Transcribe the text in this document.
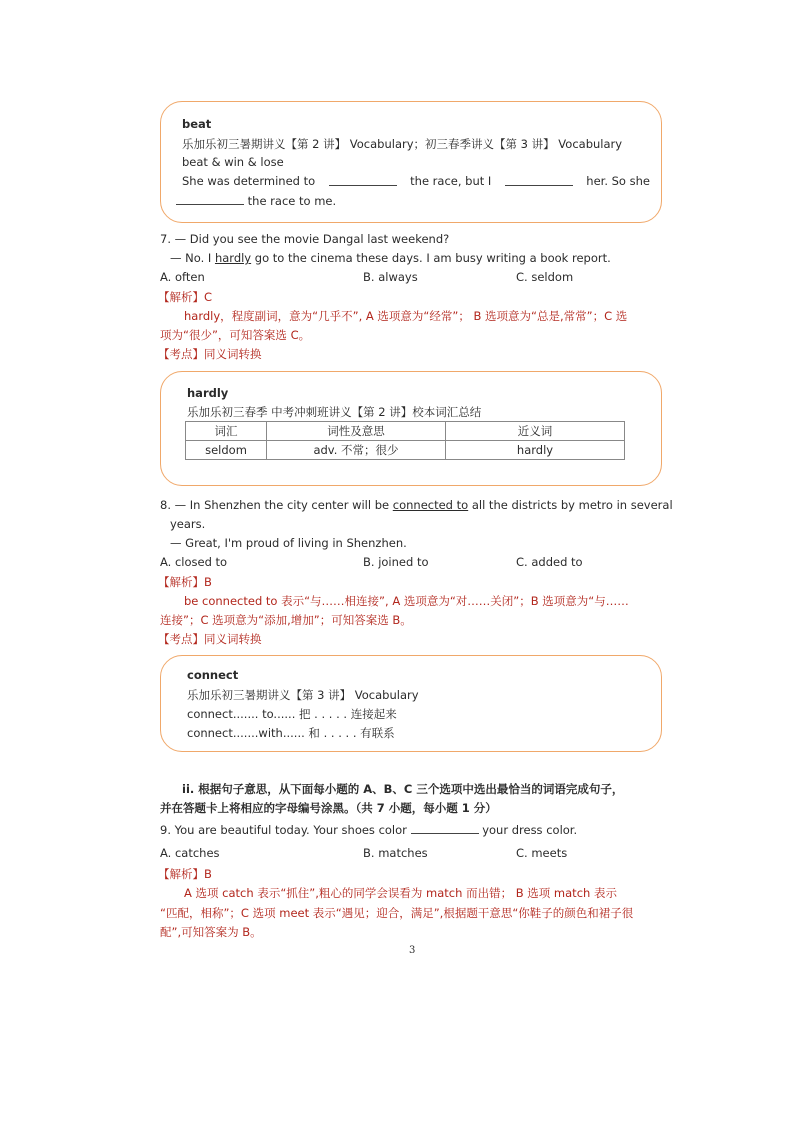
beat
乐加乐初三暑期讲义【第 2 讲】 Vocabulary；初三春季讲义【第 3 讲】 Vocabulary
beat & win & lose
She was determined to	the race, but I	her. So she
the race to me.
7. — Did you see the movie Dangal last weekend?
— No. I hardly go to the cinema these days. I am busy writing a book report.
A. often	B. always	C. seldom
【解析】C
hardly，程度副词，意为“几乎不”, A 选项意为“经常”； B 选项意为“总是,常常”；C 选
项为“很少”，可知答案选 C。
【考点】同义词转换
hardly
乐加乐初三春季 中考冲刺班讲义【第 2 讲】校本词汇总结
词汇	词性及意思	近义词
seldom	adv. 不常；很少	hardly
8. — In Shenzhen the city center will be connected to all the districts by metro in several
years.
— Great, I'm proud of living in Shenzhen.
A. closed to	B. joined to	C. added to
【解析】B
be connected to 表示“与……相连接”, A 选项意为“对……关闭”；B 选项意为“与……
连接”；C 选项意为“添加,增加”；可知答案选 B。
【考点】同义词转换
connect
乐加乐初三暑期讲义【第 3 讲】 Vocabulary
connect....... to...... 把 . . . . . 连接起来
connect.......with...... 和 . . . . . 有联系
ii. 根据句子意思，从下面每小题的 A、B、C 三个选项中选出最恰当的词语完成句子，
并在答题卡上将相应的字母编号涂黑。（共 7 小题，每小题 1 分）
9. You are beautiful today. Your shoes color	your dress color.
A. catches	B. matches	C. meets
【解析】B
A 选项 catch 表示“抓住”,粗心的同学会误看为 match 而出错； B 选项 match 表示
“匹配，相称”；C 选项 meet 表示“遇见；迎合，满足”,根据题干意思“你鞋子的颜色和裙子很
配”,可知答案为 B。
3
